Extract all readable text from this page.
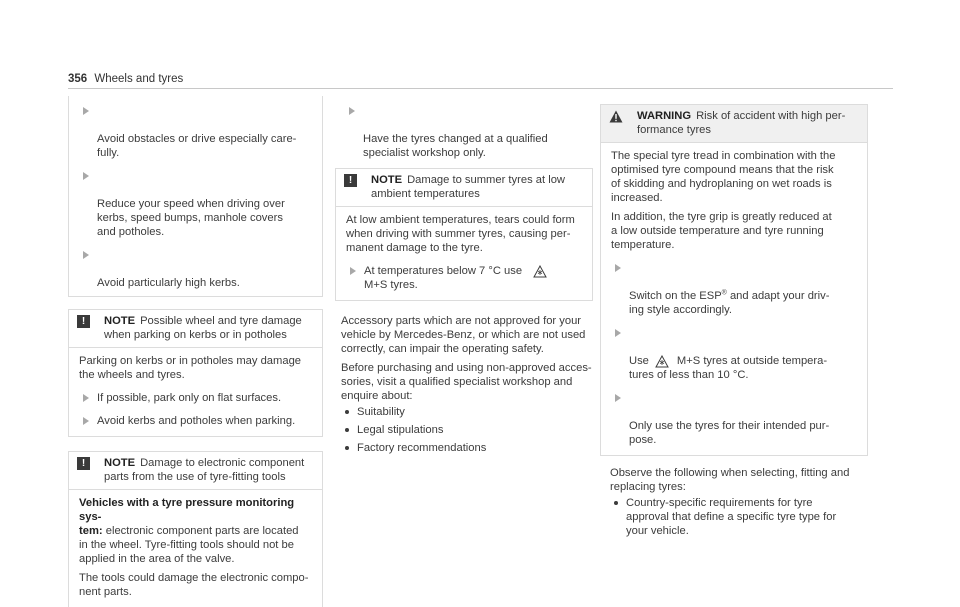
356 Wheels and tyres

Avoid obstacles or drive especially care-
fully.

Reduce your speed when driving over
kerbs, speed bumps, manhole covers
and potholes.

Avoid particularly high kerbs.

!	NOTE Possible wheel and tyre damage
when parking on kerbs or in potholes
Parking on kerbs or in potholes may damage
the wheels and tyres.
If possible, park only on flat surfaces.
Avoid kerbs and potholes when parking.
!	NOTE Damage to electronic component
parts from the use of tyre-fitting tools
Vehicles with a tyre pressure monitoring sys-
tem: electronic component parts are located
in the wheel. Tyre-fitting tools should not be
applied in the area of the valve.
The tools could damage the electronic compo-
nent parts.

Have the tyres changed at a qualified
specialist workshop only.

!	NOTE Damage to summer tyres at low
ambient temperatures
At low ambient temperatures, tears could form
when driving with summer tyres, causing per-
manent damage to the tyre.
At temperatures below 7 °C use
M+S tyres.
Accessory parts which are not approved for your
vehicle by Mercedes-Benz, or which are not used
correctly, can impair the operating safety.
Before purchasing and using non-approved acces-
sories, visit a qualified specialist workshop and
enquire about:
Suitability
Legal stipulations
Factory recommendations
WARNING Risk of accident with high per-
formance tyres
The special tyre tread in combination with the
optimised tyre compound means that the risk
of skidding and hydroplaning on wet roads is
increased.
In addition, the tyre grip is greatly reduced at
a low outside temperature and tyre running
temperature.

Switch on the ESP® and adapt your driv-
ing style accordingly.

Use	M+S tyres at outside tempera-
tures of less than 10 °C.

Only use the tyres for their intended pur-
pose.

Observe the following when selecting, fitting and
replacing tyres:
Country-specific requirements for tyre
approval that define a specific tyre type for
your vehicle.
